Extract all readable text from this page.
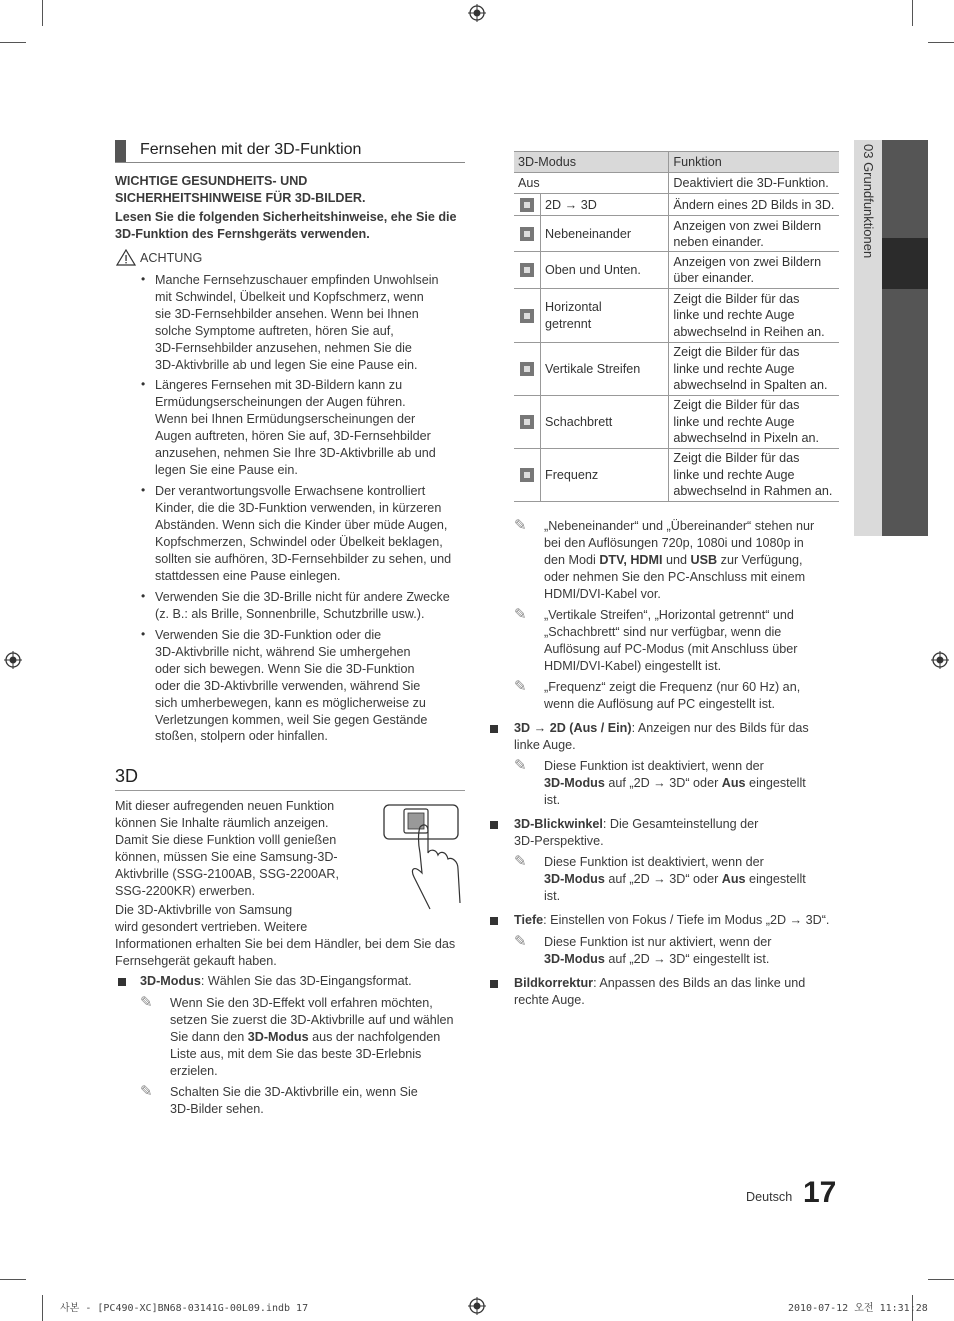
03 Grundfunktionen
Fernsehen mit der 3D-Funktion
WICHTIGE GESUNDHEITS- UND
SICHERHEITSHINWEISE FÜR 3D-BILDER.
Lesen Sie die folgenden Sicherheitshinweise, ehe Sie die
3D-Funktion des Fernshgeräts verwenden.
ACHTUNG
• Manche Fernsehzuschauer empfinden Unwohlsein
mit Schwindel, Übelkeit und Kopfschmerz, wenn
sie 3D-Fernsehbilder ansehen. Wenn bei Ihnen
solche Symptome auftreten, hören Sie auf,
3D-Fernsehbilder anzusehen, nehmen Sie die
3D-Aktivbrille ab und legen Sie eine Pause ein.
• Längeres Fernsehen mit 3D-Bildern kann zu
Ermüdungserscheinungen der Augen führen.
Wenn bei Ihnen Ermüdungserscheinungen der
Augen auftreten, hören Sie auf, 3D-Fernsehbilder
anzusehen, nehmen Sie Ihre 3D-Aktivbrille ab und
legen Sie eine Pause ein.
• Der verantwortungsvolle Erwachsene kontrolliert
Kinder, die die 3D-Funktion verwenden, in kürzeren
Abständen. Wenn sich die Kinder über müde Augen,
Kopfschmerzen, Schwindel oder Übelkeit beklagen,
sollten sie aufhören, 3D-Fernsehbilder zu sehen, und
stattdessen eine Pause einlegen.
• Verwenden Sie die 3D-Brille nicht für andere Zwecke
(z. B.: als Brille, Sonnenbrille, Schutzbrille usw.).
• Verwenden Sie die 3D-Funktion oder die
3D-Aktivbrille nicht, während Sie umhergehen
oder sich bewegen. Wenn Sie die 3D-Funktion
oder die 3D-Aktivbrille verwenden, während Sie
sich umherbewegen, kann es möglicherweise zu
Verletzungen kommen, weil Sie gegen Gestände
stoßen, stolpern oder hinfallen.
3D
Mit dieser aufregenden neuen Funktion
können Sie Inhalte räumlich anzeigen.
Damit Sie diese Funktion volll genießen
können, müssen Sie eine Samsung-3D-
Aktivbrille (SSG-2100AB, SSG-2200AR,
SSG-2200KR) erwerben.
Die 3D-Aktivbrille von Samsung
wird gesondert vertrieben. Weitere
Informationen erhalten Sie bei dem Händler, bei dem Sie das
Fernsehgerät gekauft haben.
3D-Modus: Wählen Sie das 3D-Eingangsformat.
✎	Wenn Sie den 3D-Effekt voll erfahren möchten,
setzen Sie zuerst die 3D-Aktivbrille auf und wählen
Sie dann den 3D-Modus aus der nachfolgenden
Liste aus, mit dem Sie das beste 3D-Erlebnis
erzielen.
✎	Schalten Sie die 3D-Aktivbrille ein, wenn Sie
3D-Bilder sehen.
3D-Modus		Funktion
Aus		Deaktiviert die 3D-Funktion.
	2D → 3D	Ändern eines 2D Bilds in 3D.
	Nebeneinander	Anzeigen von zwei Bildern
neben einander.

	Oben und Unten.	Anzeigen von zwei Bildern
über einander.

	Horizontal getrennt	Zeigt die Bilder für das
linke und rechte Auge
abwechselnd in Reihen an.

	Vertikale Streifen	Zeigt die Bilder für das
linke und rechte Auge
abwechselnd in Spalten an.

	Schachbrett	Zeigt die Bilder für das
linke und rechte Auge
abwechselnd in Pixeln an.

	Frequenz	Zeigt die Bilder für das
linke und rechte Auge
abwechselnd in Rahmen an.
✎	„Nebeneinander“ und „Übereinander“ stehen nur
bei den Auflösungen 720p, 1080i und 1080p in
den Modi DTV, HDMI und USB zur Verfügung,
oder nehmen Sie den PC-Anschluss mit einem
HDMI/DVI-Kabel vor.
✎	„Vertikale Streifen“, „Horizontal getrennt“ und
„Schachbrett“ sind nur verfügbar, wenn die
Auflösung auf PC-Modus (mit Anschluss über
HDMI/DVI-Kabel) eingestellt ist.
✎	„Frequenz“ zeigt die Frequenz (nur 60 Hz) an,
wenn die Auflösung auf PC eingestellt ist.
3D → 2D (Aus / Ein): Anzeigen nur des Bilds für das
linke Auge.
✎	Diese Funktion ist deaktiviert, wenn der
3D-Modus auf „2D → 3D“ oder Aus eingestellt
ist.
3D-Blickwinkel: Die Gesamteinstellung der
3D-Perspektive.
✎	Diese Funktion ist deaktiviert, wenn der
3D-Modus auf „2D → 3D“ oder Aus eingestellt
ist.
Tiefe: Einstellen von Fokus / Tiefe im Modus „2D → 3D“.
✎	Diese Funktion ist nur aktiviert, wenn der
3D-Modus auf „2D → 3D“ eingestellt ist.
Bildkorrektur: Anpassen des Bilds an das linke und
rechte Auge.
Deutsch 17
사본 - [PC490-XC]BN68-03141G-00L09.indb 17	2010-07-12 오전 11:31:28
